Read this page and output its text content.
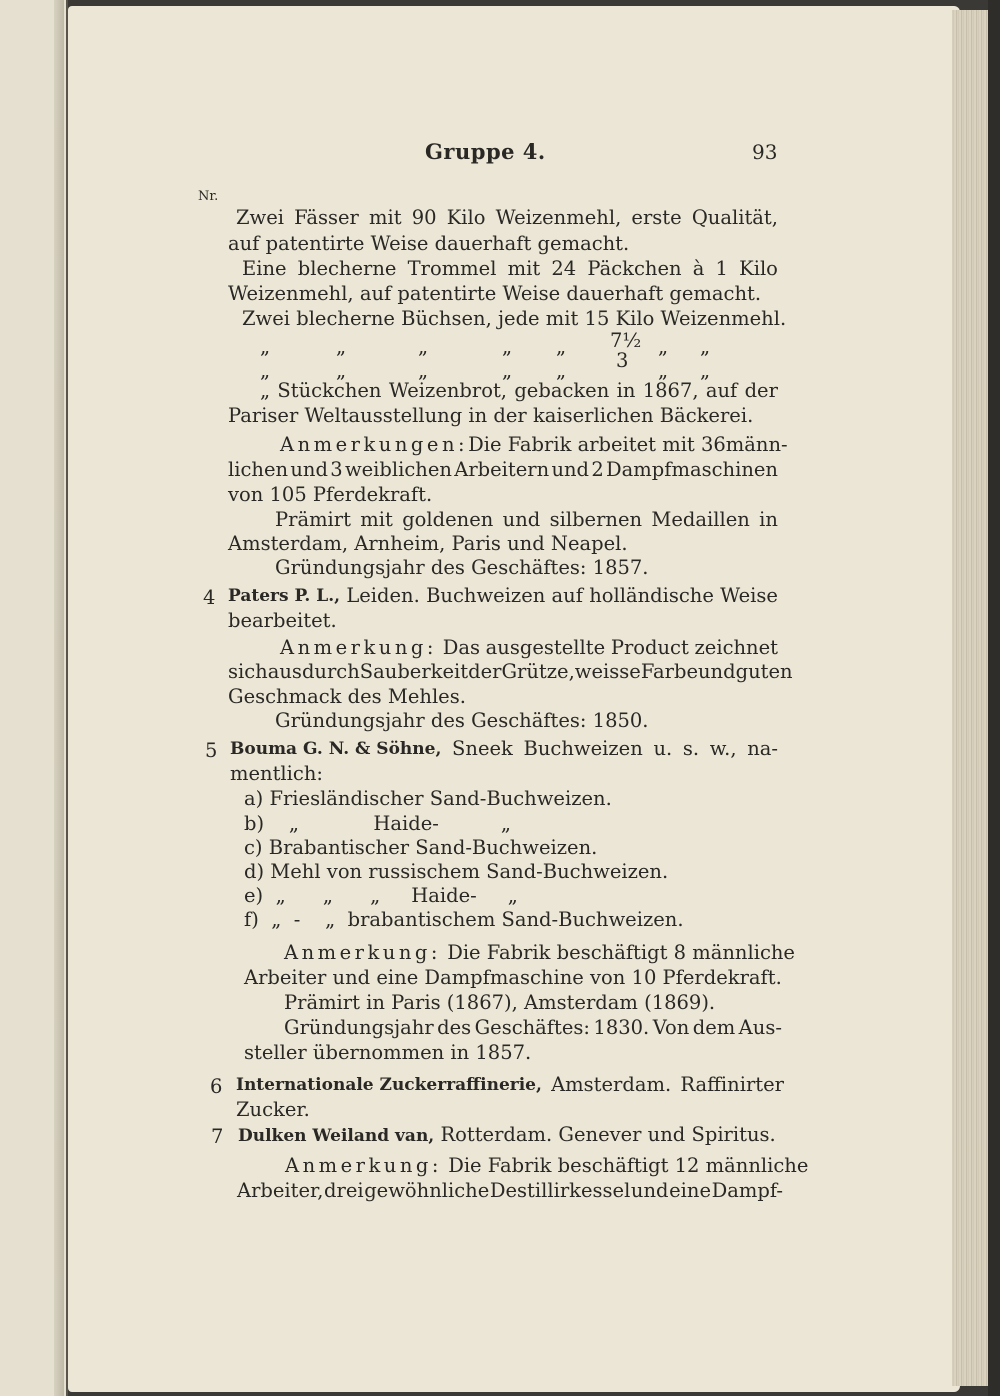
Gruppe 4.	93
Nr.
Zwei Fässer mit 90 Kilo Weizenmehl, erste Qualität,
auf patentirte Weise dauerhaft gemacht.
Eine blecherne Trommel mit 24 Päckchen à 1 Kilo
Weizenmehl, auf patentirte Weise dauerhaft gemacht.
Zwei blecherne Büchsen, jede mit 15 Kilo Weizenmehl.
„	„	„	„ „ 7½ „ „
„	„	„	„ „	3 „ „
„ Stückchen Weizenbrot, gebacken in 1867, auf der
Pariser Weltausstellung in der kaiserlichen Bäckerei.
Anmerkungen: Die Fabrik arbeitet mit 36 männ-
lichen und 3 weiblichen Arbeitern und 2 Dampfmaschinen
von 105 Pferdekraft.
Prämirt mit goldenen und silbernen Medaillen in
Amsterdam, Arnheim, Paris und Neapel.
Gründungsjahr des Geschäftes: 1857.
4 Paters P. L., Leiden. Buchweizen auf holländische Weise
bearbeitet.
Anmerkung: Das ausgestellte Product zeichnet
sich aus durch Sauberkeit der Grütze, weisse Farbe und guten
Geschmack des Mehles.
Gründungsjahr des Geschäftes: 1850.
5 Bouma G. N. & Söhne, Sneek Buchweizen u. s. w., na-
mentlich:
a) Friesländischer Sand-Buchweizen.
b) „            Haide-          „
c) Brabantischer Sand-Buchweizen.
d) Mehl von russischem Sand-Buchweizen.
e) „      „      „     Haide-     „
f) „  -    „  brabantischem Sand-Buchweizen.
Anmerkung: Die Fabrik beschäftigt 8 männliche
Arbeiter und eine Dampfmaschine von 10 Pferdekraft.
Prämirt in Paris (1867), Amsterdam (1869).
Gründungsjahr des Geschäftes: 1830. Von dem Aus-
steller übernommen in 1857.
6 Internationale Zuckerraffinerie, Amsterdam. Raffinirter
Zucker.
7 Dulken Weiland van, Rotterdam. Genever und Spiritus.
Anmerkung: Die Fabrik beschäftigt 12 männliche
Arbeiter, drei gewöhnliche Destillirkessel und eine Dampf-
